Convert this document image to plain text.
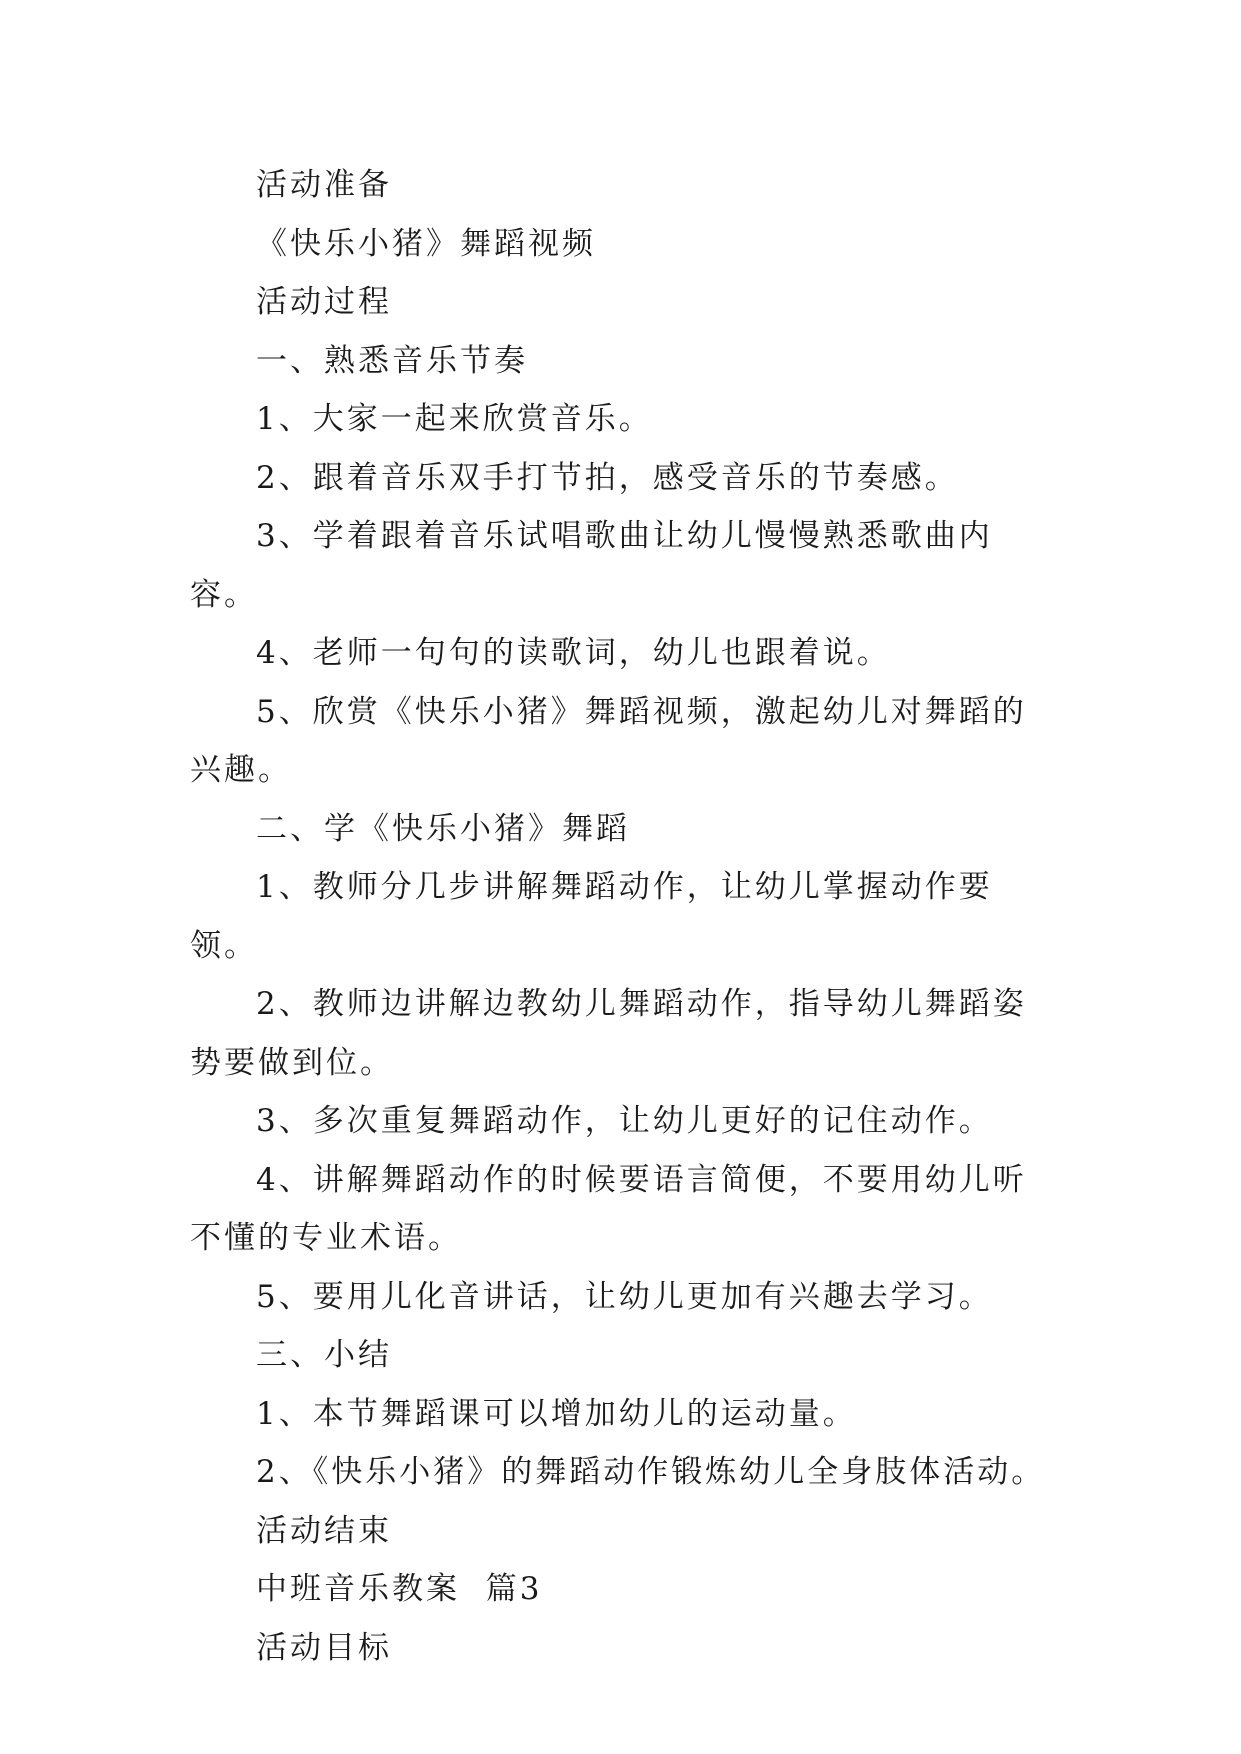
活动准备

《快乐小猪》舞蹈视频

活动过程

一、熟悉音乐节奏

1、大家一起来欣赏音乐。

2、跟着音乐双手打节拍，感受音乐的节奏感。

3、学着跟着音乐试唱歌曲让幼儿慢慢熟悉歌曲内容。

4、老师一句句的读歌词，幼儿也跟着说。

5、欣赏《快乐小猪》舞蹈视频，激起幼儿对舞蹈的兴趣。

二、学《快乐小猪》舞蹈

1、教师分几步讲解舞蹈动作，让幼儿掌握动作要领。

2、教师边讲解边教幼儿舞蹈动作，指导幼儿舞蹈姿势要做到位。

3、多次重复舞蹈动作，让幼儿更好的记住动作。

4、讲解舞蹈动作的时候要语言简便，不要用幼儿听不懂的专业术语。

5、要用儿化音讲话，让幼儿更加有兴趣去学习。

三、小结

1、本节舞蹈课可以增加幼儿的运动量。

2、《快乐小猪》的舞蹈动作锻炼幼儿全身肢体活动。

活动结束

中班音乐教案  篇3

活动目标
